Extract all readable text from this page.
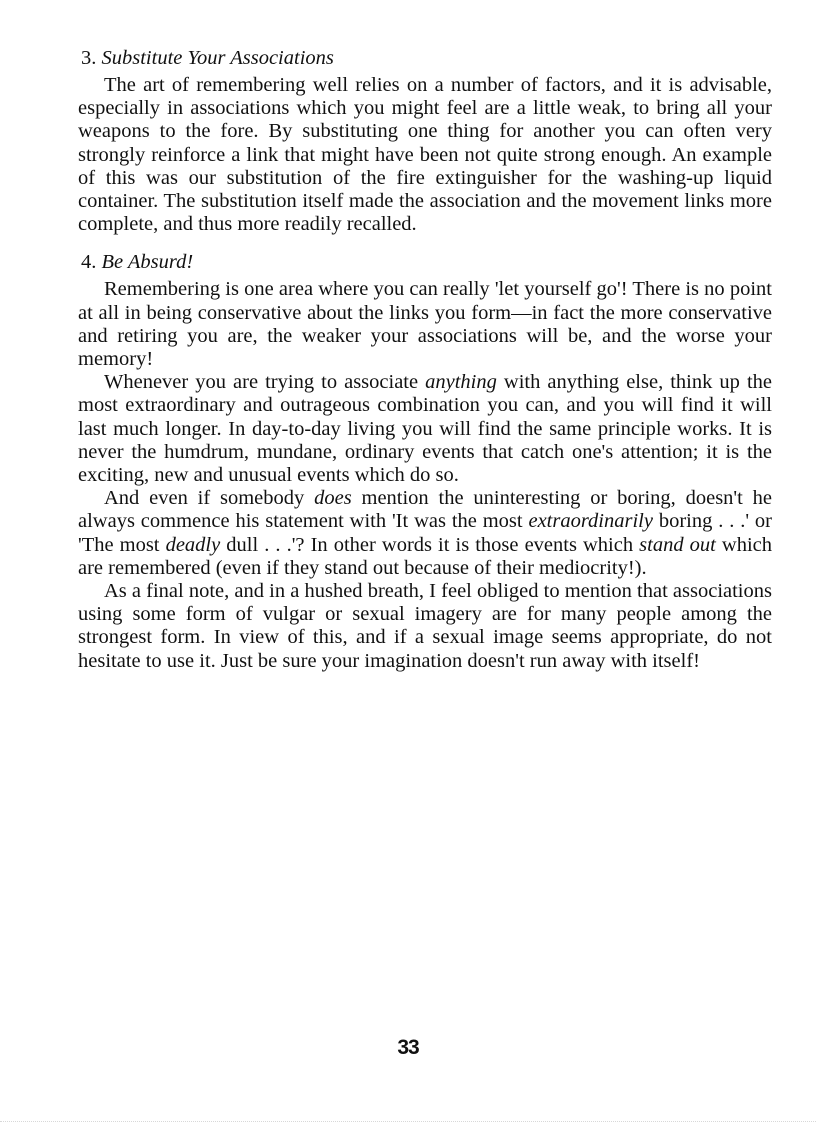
3. Substitute Your Associations

The art of remembering well relies on a number of factors, and it is advisable, especially in associations which you might feel are a little weak, to bring all your weapons to the fore. By substituting one thing for another you can often very strongly reinforce a link that might have been not quite strong enough. An example of this was our substitution of the fire extinguisher for the washing-up liquid container. The substitution itself made the association and the movement links more complete, and thus more readily recalled.

4. Be Absurd!

Remembering is one area where you can really 'let yourself go'! There is no point at all in being conservative about the links you form—in fact the more conservative and retiring you are, the weaker your associations will be, and the worse your memory!

Whenever you are trying to associate anything with anything else, think up the most extraordinary and outrageous combination you can, and you will find it will last much longer. In day-to-day living you will find the same principle works. It is never the humdrum, mundane, ordinary events that catch one's attention; it is the exciting, new and unusual events which do so.

And even if somebody does mention the uninteresting or boring, doesn't he always commence his statement with 'It was the most extraordinarily boring . . .' or 'The most deadly dull . . .'? In other words it is those events which stand out which are remembered (even if they stand out because of their mediocrity!).

As a final note, and in a hushed breath, I feel obliged to mention that associations using some form of vulgar or sexual imagery are for many people among the strongest form. In view of this, and if a sexual image seems appropriate, do not hesitate to use it. Just be sure your imagination doesn't run away with itself!

33
